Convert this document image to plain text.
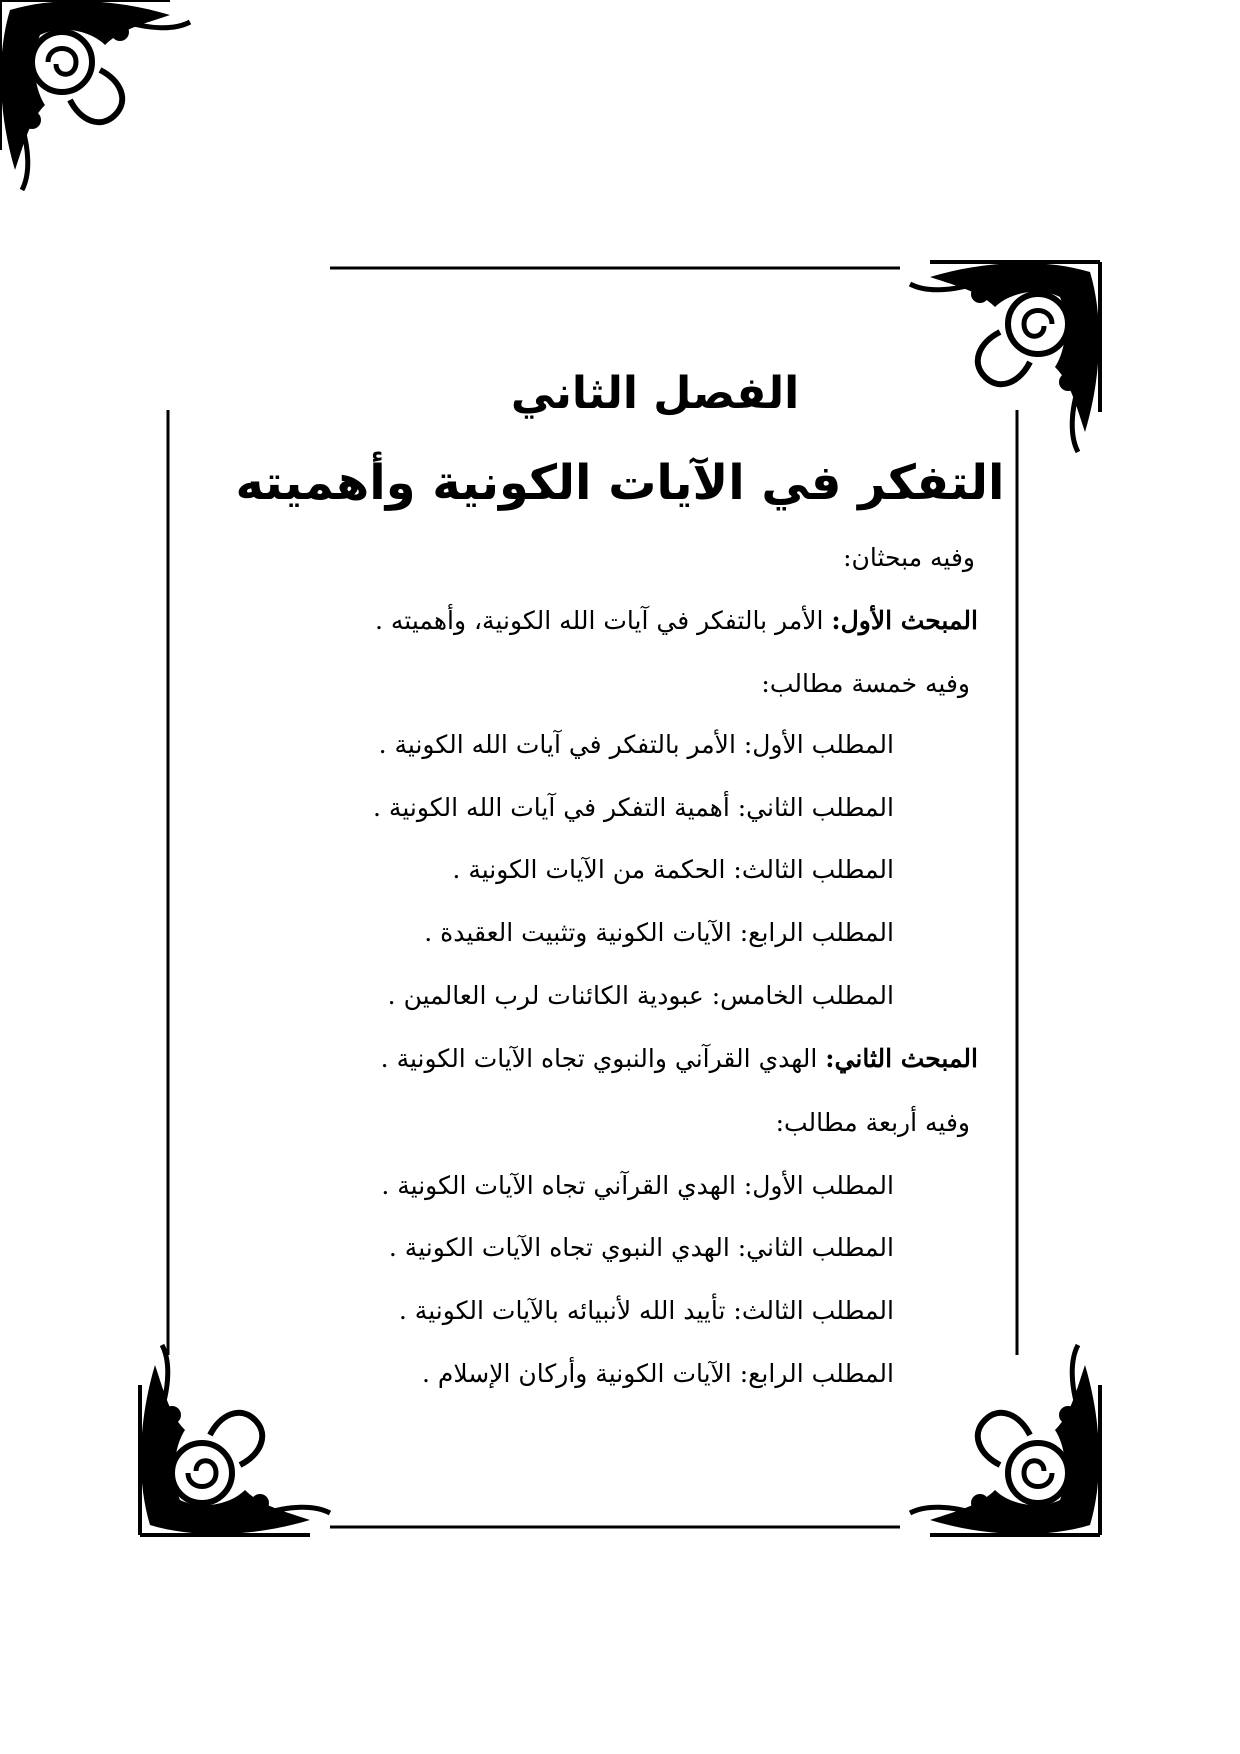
الفصل الثاني
التفكر في الآيات الكونية وأهميته
وفيه مبحثان:
المبحث الأول: الأمر بالتفكر في آيات الله الكونية، وأهميته .
وفيه خمسة مطالب:
المطلب الأول: الأمر بالتفكر في آيات الله الكونية .
المطلب الثاني: أهمية التفكر في آيات الله الكونية .
المطلب الثالث: الحكمة من الآيات الكونية .
المطلب الرابع: الآيات الكونية وتثبيت العقيدة .
المطلب الخامس: عبودية الكائنات لرب العالمين .
المبحث الثاني: الهدي القرآني والنبوي تجاه الآيات الكونية .
وفيه أربعة مطالب:
المطلب الأول: الهدي القرآني تجاه الآيات الكونية .
المطلب الثاني: الهدي النبوي تجاه الآيات الكونية .
المطلب الثالث: تأييد الله لأنبيائه بالآيات الكونية .
المطلب الرابع: الآيات الكونية وأركان الإسلام .
